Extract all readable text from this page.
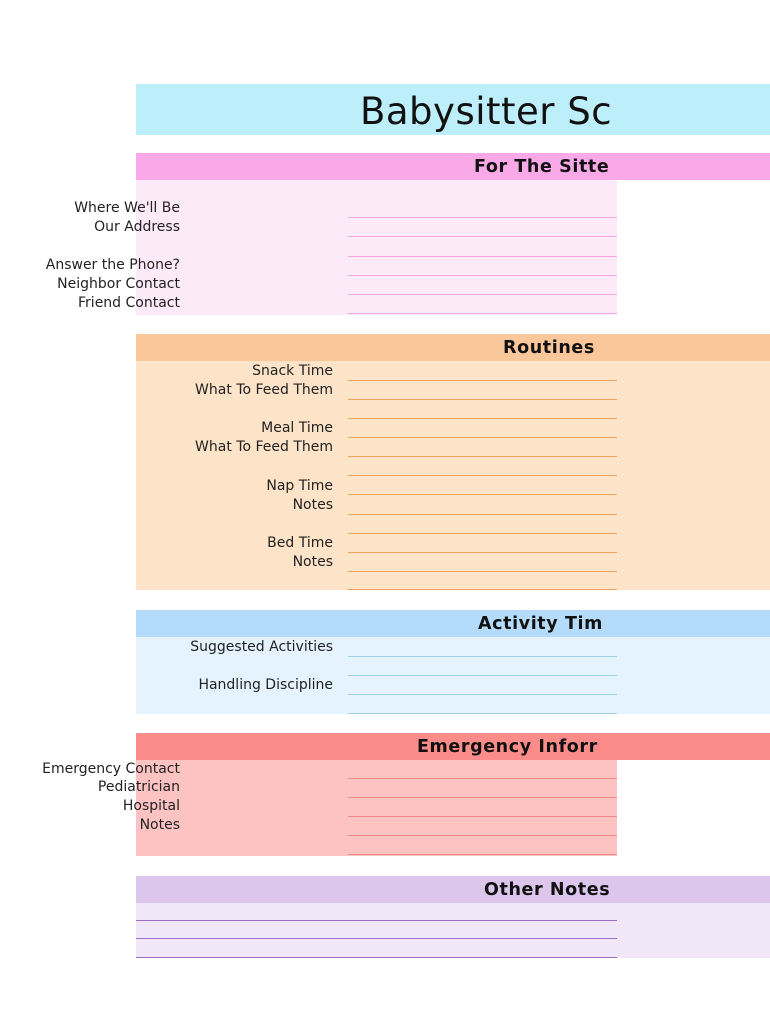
Babysitter Sc
For The Sitte
Where We'll Be
Our Address
Answer the Phone?
Neighbor Contact
Friend Contact
Routines
Snack Time
What To Feed Them
Meal Time
What To Feed Them
Nap Time
Notes
Bed Time
Notes
Activity Tim
Suggested Activities
Handling Discipline
Emergency Inforr
Emergency Contact
Pediatrician
Hospital
Notes
Other Notes
